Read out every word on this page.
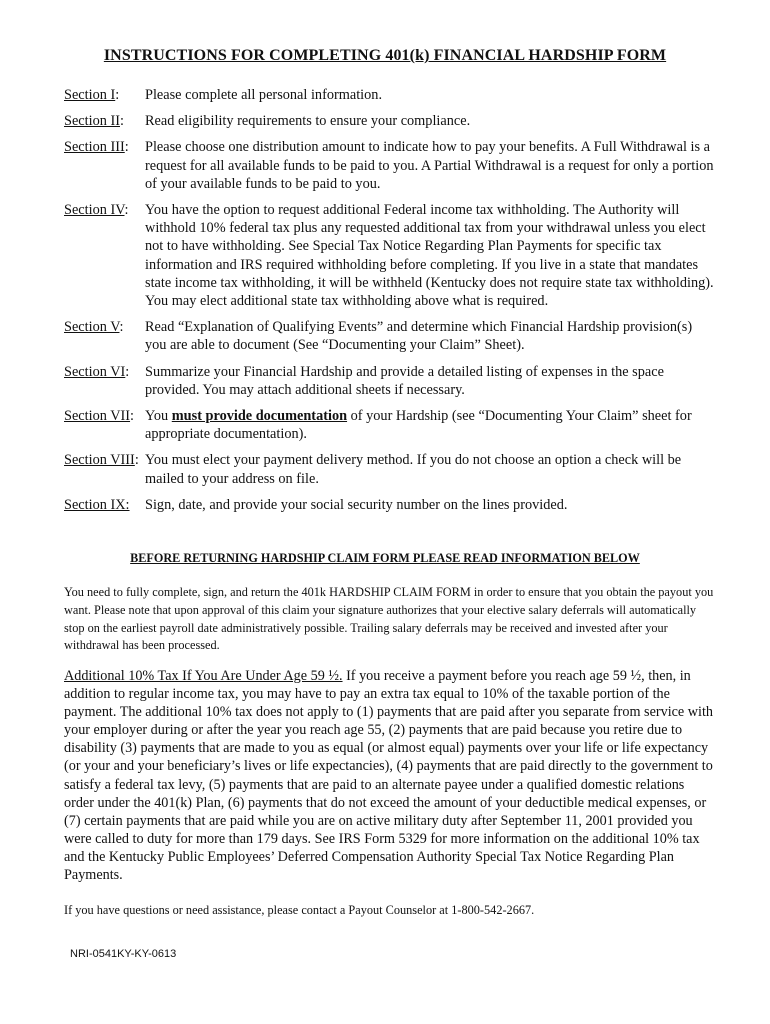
INSTRUCTIONS FOR COMPLETING 401(k) FINANCIAL HARDSHIP FORM
Section I: Please complete all personal information.
Section II: Read eligibility requirements to ensure your compliance.
Section III: Please choose one distribution amount to indicate how to pay your benefits. A Full Withdrawal is a request for all available funds to be paid to you. A Partial Withdrawal is a request for only a portion of your available funds to be paid to you.
Section IV: You have the option to request additional Federal income tax withholding. The Authority will withhold 10% federal tax plus any requested additional tax from your withdrawal unless you elect not to have withholding. See Special Tax Notice Regarding Plan Payments for specific tax information and IRS required withholding before completing. If you live in a state that mandates state income tax withholding, it will be withheld (Kentucky does not require state tax withholding). You may elect additional state tax withholding above what is required.
Section V: Read “Explanation of Qualifying Events” and determine which Financial Hardship provision(s) you are able to document (See “Documenting your Claim” Sheet).
Section VI: Summarize your Financial Hardship and provide a detailed listing of expenses in the space provided. You may attach additional sheets if necessary.
Section VII: You must provide documentation of your Hardship (see “Documenting Your Claim” sheet for appropriate documentation).
Section VIII: You must elect your payment delivery method. If you do not choose an option a check will be mailed to your address on file.
Section IX: Sign, date, and provide your social security number on the lines provided.
BEFORE RETURNING HARDSHIP CLAIM FORM PLEASE READ INFORMATION BELOW
You need to fully complete, sign, and return the 401k HARDSHIP CLAIM FORM in order to ensure that you obtain the payout you want. Please note that upon approval of this claim your signature authorizes that your elective salary deferrals will automatically stop on the earliest payroll date administratively possible. Trailing salary deferrals may be received and invested after your withdrawal has been processed.
Additional 10% Tax If You Are Under Age 59 ½. If you receive a payment before you reach age 59 ½, then, in addition to regular income tax, you may have to pay an extra tax equal to 10% of the taxable portion of the payment. The additional 10% tax does not apply to (1) payments that are paid after you separate from service with your employer during or after the year you reach age 55, (2) payments that are paid because you retire due to disability (3) payments that are made to you as equal (or almost equal) payments over your life or life expectancy (or your and your beneficiary’s lives or life expectancies), (4) payments that are paid directly to the government to satisfy a federal tax levy, (5) payments that are paid to an alternate payee under a qualified domestic relations order under the 401(k) Plan, (6) payments that do not exceed the amount of your deductible medical expenses, or (7) certain payments that are paid while you are on active military duty after September 11, 2001 provided you were called to duty for more than 179 days. See IRS Form 5329 for more information on the additional 10% tax and the Kentucky Public Employees’ Deferred Compensation Authority Special Tax Notice Regarding Plan Payments.
If you have questions or need assistance, please contact a Payout Counselor at 1-800-542-2667.
NRI-0541KY-KY-0613
